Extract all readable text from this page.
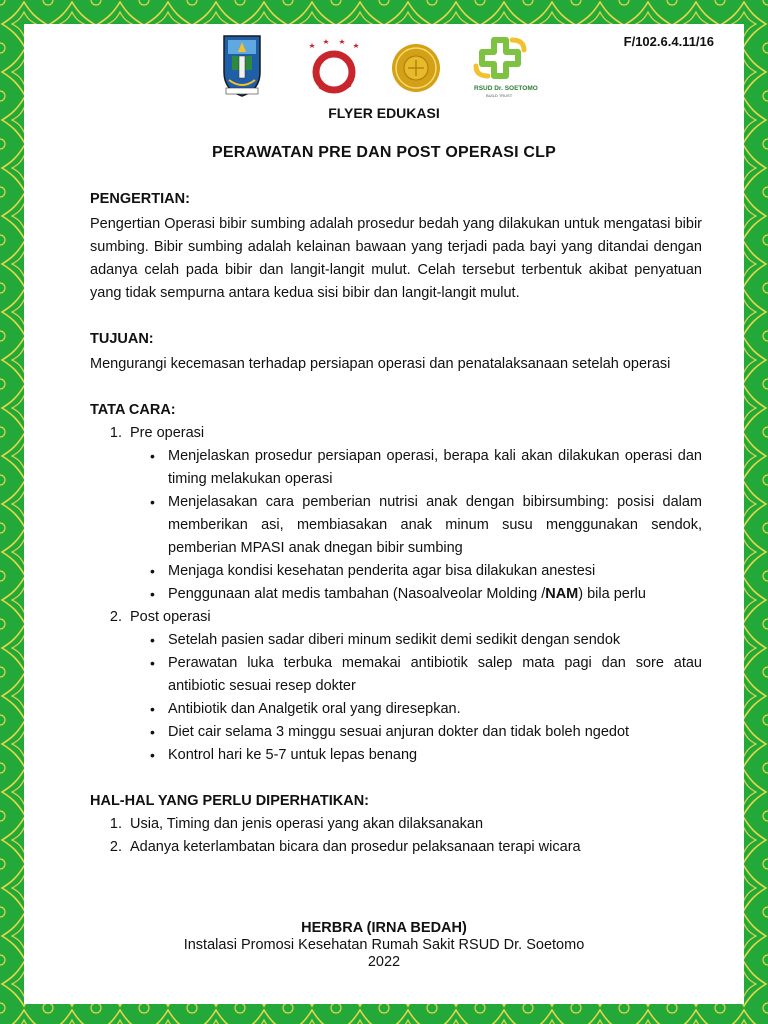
F/102.6.4.11/16
RSUD Dr. SOETOMO
BUILD TRUST
FLYER EDUKASI
PERAWATAN PRE DAN POST OPERASI CLP

PENGERTIAN:

Pengertian Operasi bibir sumbing adalah prosedur bedah yang dilakukan untuk mengatasi bibir sumbing. Bibir sumbing adalah kelainan bawaan yang terjadi pada bayi yang ditandai dengan adanya celah pada bibir dan langit-langit mulut. Celah tersebut terbentuk akibat penyatuan yang tidak sempurna antara kedua sisi bibir dan langit-langit mulut.

TUJUAN:

Mengurangi kecemasan terhadap persiapan operasi dan penatalaksanaan setelah operasi

TATA CARA:

1. Pre operasi
• Menjelaskan prosedur persiapan operasi, berapa kali akan dilakukan operasi dan timing melakukan operasi
• Menjelasakan cara pemberian nutrisi anak dengan bibirsumbing: posisi dalam memberikan asi, membiasakan anak minum susu menggunakan sendok, pemberian MPASI anak dnegan bibir sumbing
• Menjaga kondisi kesehatan penderita agar bisa dilakukan anestesi
• Penggunaan alat medis tambahan (Nasoalveolar Molding /NAM) bila perlu
2. Post operasi
• Setelah pasien sadar diberi minum sedikit demi sedikit dengan sendok
• Perawatan luka terbuka memakai antibiotik salep mata pagi dan sore atau antibiotic sesuai resep dokter
• Antibiotik dan Analgetik oral yang diresepkan.
• Diet cair selama 3 minggu sesuai anjuran dokter dan tidak boleh ngedot
• Kontrol hari ke 5-7 untuk lepas benang

HAL-HAL YANG PERLU DIPERHATIKAN:

1. Usia, Timing dan jenis operasi yang akan dilaksanakan
2. Adanya keterlambatan bicara dan prosedur pelaksanaan terapi wicara
HERBRA (IRNA BEDAH)
Instalasi Promosi Kesehatan Rumah Sakit RSUD Dr. Soetomo
2022
